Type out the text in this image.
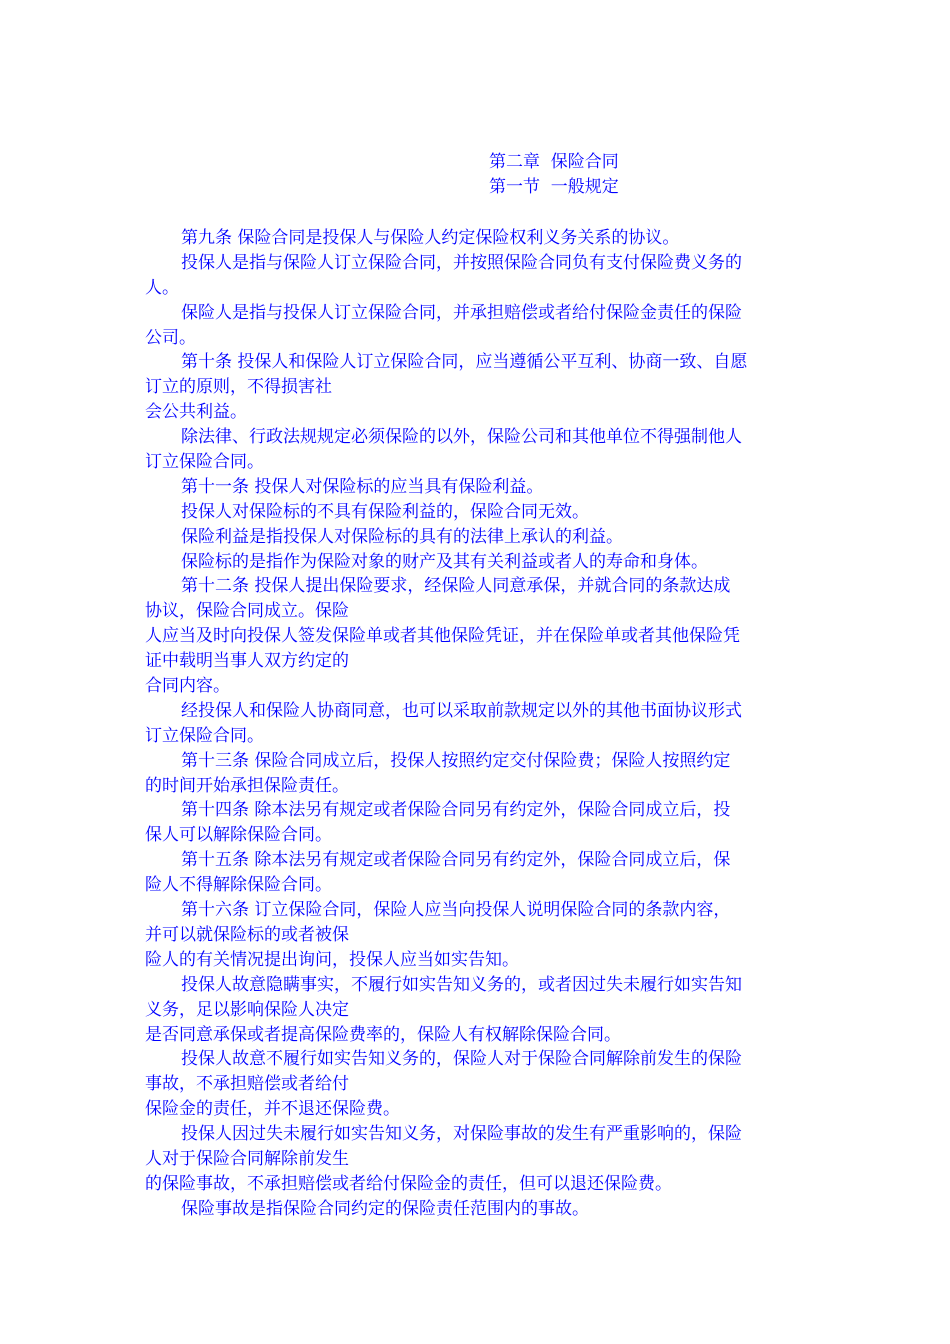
第二章  保险合同
第一节  一般规定
第九条 保险合同是投保人与保险人约定保险权利义务关系的协议。
投保人是指与保险人订立保险合同，并按照保险合同负有支付保险费义务的
人。
保险人是指与投保人订立保险合同，并承担赔偿或者给付保险金责任的保险
公司。
第十条 投保人和保险人订立保险合同，应当遵循公平互利、协商一致、自愿
订立的原则，不得损害社
会公共利益。
除法律、行政法规规定必须保险的以外，保险公司和其他单位不得强制他人
订立保险合同。
第十一条 投保人对保险标的应当具有保险利益。
投保人对保险标的不具有保险利益的，保险合同无效。
保险利益是指投保人对保险标的具有的法律上承认的利益。
保险标的是指作为保险对象的财产及其有关利益或者人的寿命和身体。
第十二条 投保人提出保险要求，经保险人同意承保，并就合同的条款达成
协议，保险合同成立。保险
人应当及时向投保人签发保险单或者其他保险凭证，并在保险单或者其他保险凭
证中载明当事人双方约定的
合同内容。
经投保人和保险人协商同意，也可以采取前款规定以外的其他书面协议形式
订立保险合同。
第十三条 保险合同成立后，投保人按照约定交付保险费；保险人按照约定
的时间开始承担保险责任。
第十四条 除本法另有规定或者保险合同另有约定外，保险合同成立后，投
保人可以解除保险合同。
第十五条 除本法另有规定或者保险合同另有约定外，保险合同成立后，保
险人不得解除保险合同。
第十六条 订立保险合同，保险人应当向投保人说明保险合同的条款内容，
并可以就保险标的或者被保
险人的有关情况提出询问，投保人应当如实告知。
投保人故意隐瞒事实，不履行如实告知义务的，或者因过失未履行如实告知
义务，足以影响保险人决定
是否同意承保或者提高保险费率的，保险人有权解除保险合同。
投保人故意不履行如实告知义务的，保险人对于保险合同解除前发生的保险
事故，不承担赔偿或者给付
保险金的责任，并不退还保险费。
投保人因过失未履行如实告知义务，对保险事故的发生有严重影响的，保险
人对于保险合同解除前发生
的保险事故，不承担赔偿或者给付保险金的责任，但可以退还保险费。
保险事故是指保险合同约定的保险责任范围内的事故。
